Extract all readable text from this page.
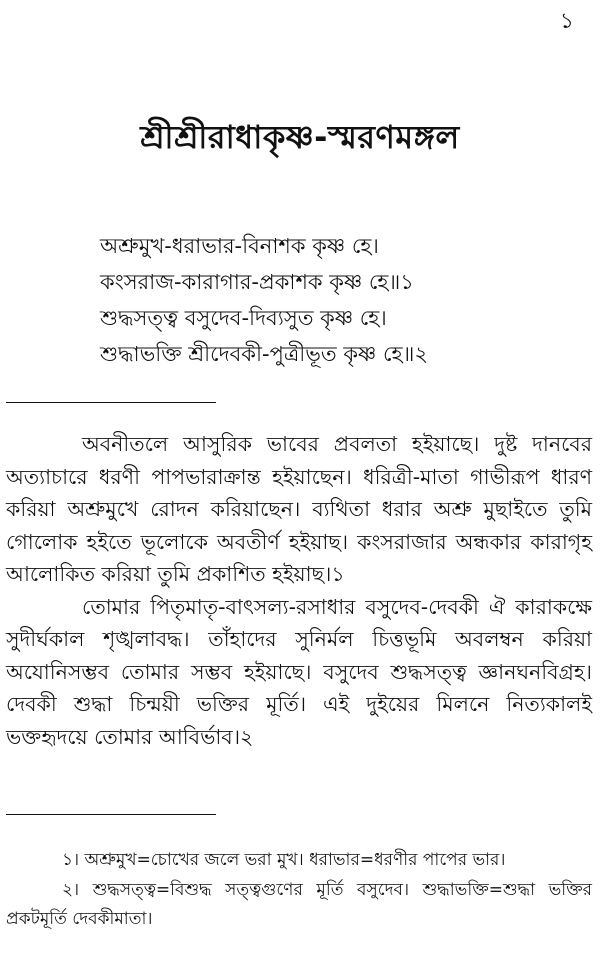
১
শ্রীশ্রীরাধাকৃষ্ণ-স্মরণমঙ্গল
অশ্রুমুখ-ধরাভার-বিনাশক কৃষ্ণ হে।
কংসরাজ-কারাগার-প্রকাশক কৃষ্ণ হে॥১
শুদ্ধসত্ত্ব বসুদেব-দিব্যসুত কৃষ্ণ হে।
শুদ্ধাভক্তি শ্রীদেবকী-পুত্রীভূত কৃষ্ণ হে॥২

অবনীতলে আসুরিক ভাবের প্রবলতা হইয়াছে। দুষ্ট দানবের অত্যাচারে ধরণী পাপভারাক্রান্ত হইয়াছেন। ধরিত্রী-মাতা গাভীরূপ ধারণ করিয়া অশ্রুমুখে রোদন করিয়াছেন। ব্যথিতা ধরার অশ্রু মুছাইতে তুমি গোলোক হইতে ভূলোকে অবতীর্ণ হইয়াছ। কংসরাজার অন্ধকার কারাগৃহ আলোকিত করিয়া তুমি প্রকাশিত হইয়াছ।১

তোমার পিতৃমাতৃ-বাৎসল্য-রসাধার বসুদেব-দেবকী ঐ কারাকক্ষে সুদীর্ঘকাল শৃঙ্খলাবদ্ধ। তাঁহাদের সুনির্মল চিত্তভূমি অবলম্বন করিয়া অযোনিসম্ভব তোমার সম্ভব হইয়াছে। বসুদেব শুদ্ধসত্ত্ব জ্ঞানঘনবিগ্রহ। দেবকী শুদ্ধা চিন্ময়ী ভক্তির মূর্তি। এই দুইয়ের মিলনে নিত্যকালই ভক্তহৃদয়ে তোমার আবির্ভাব।২

১। অশ্রুমুখ=চোখের জলে ভরা মুখ। ধরাভার=ধরণীর পাপের ভার।

২। শুদ্ধসত্ত্ব=বিশুদ্ধ সত্ত্বগুণের মূর্তি বসুদেব। শুদ্ধাভক্তি=শুদ্ধা ভক্তির প্রকটমূর্তি দেবকীমাতা।
